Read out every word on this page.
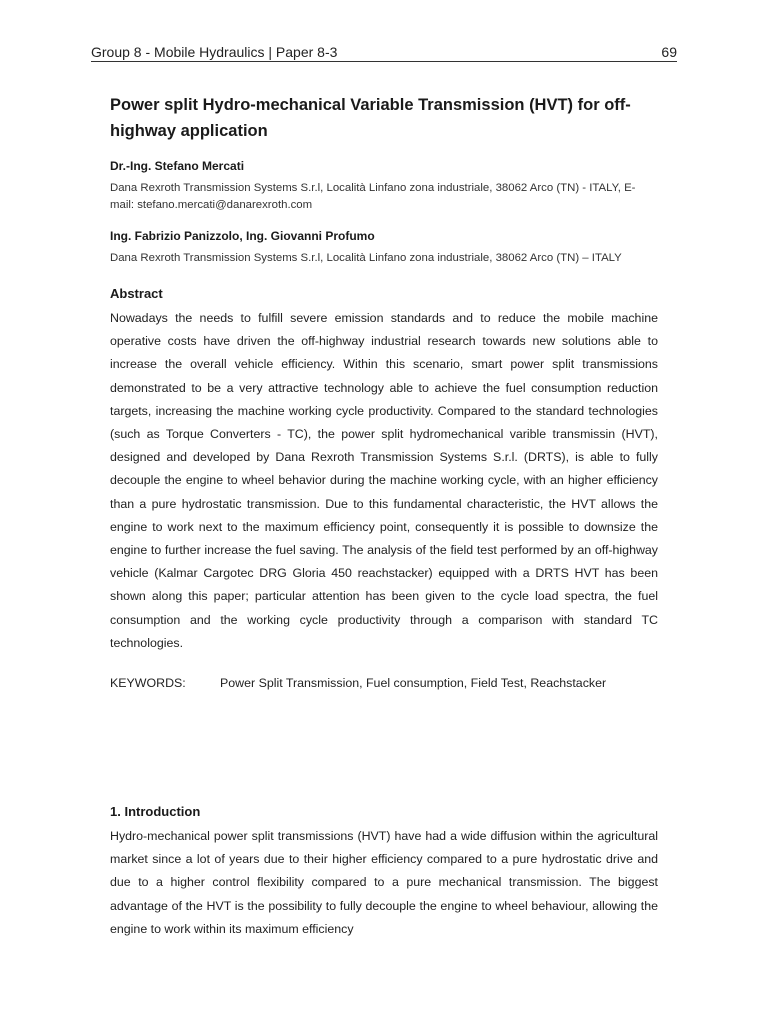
Group 8 - Mobile Hydraulics | Paper 8-3	69
Power split Hydro-mechanical Variable Transmission (HVT) for off-highway application
Dr.-Ing. Stefano Mercati
Dana Rexroth Transmission Systems S.r.l, Località Linfano zona industriale, 38062 Arco (TN) - ITALY, E-mail: stefano.mercati@danarexroth.com
Ing. Fabrizio Panizzolo, Ing. Giovanni Profumo
Dana Rexroth Transmission Systems S.r.l, Località Linfano zona industriale, 38062 Arco (TN) – ITALY
Abstract

Nowadays the needs to fulfill severe emission standards and to reduce the mobile machine operative costs have driven the off-highway industrial research towards new solutions able to increase the overall vehicle efficiency. Within this scenario, smart power split transmissions demonstrated to be a very attractive technology able to achieve the fuel consumption reduction targets, increasing the machine working cycle productivity. Compared to the standard technologies (such as Torque Converters - TC), the power split hydromechanical varible transmissin (HVT), designed and developed by Dana Rexroth Transmission Systems S.r.l. (DRTS), is able to fully decouple the engine to wheel behavior during the machine working cycle, with an higher efficiency than a pure hydrostatic transmission. Due to this fundamental characteristic, the HVT allows the engine to work next to the maximum efficiency point, consequently it is possible to downsize the engine to further increase the fuel saving. The analysis of the field test performed by an off-highway vehicle (Kalmar Cargotec DRG Gloria 450 reachstacker) equipped with a DRTS HVT has been shown along this paper; particular attention has been given to the cycle load spectra, the fuel consumption and the working cycle productivity through a comparison with standard TC technologies.

KEYWORDS:	Power Split Transmission, Fuel consumption, Field Test, Reachstacker
1. Introduction

Hydro-mechanical power split transmissions (HVT) have had a wide diffusion within the agricultural market since a lot of years due to their higher efficiency compared to a pure hydrostatic drive and due to a higher control flexibility compared to a pure mechanical transmission. The biggest advantage of the HVT is the possibility to fully decouple the engine to wheel behaviour, allowing the engine to work within its maximum efficiency
